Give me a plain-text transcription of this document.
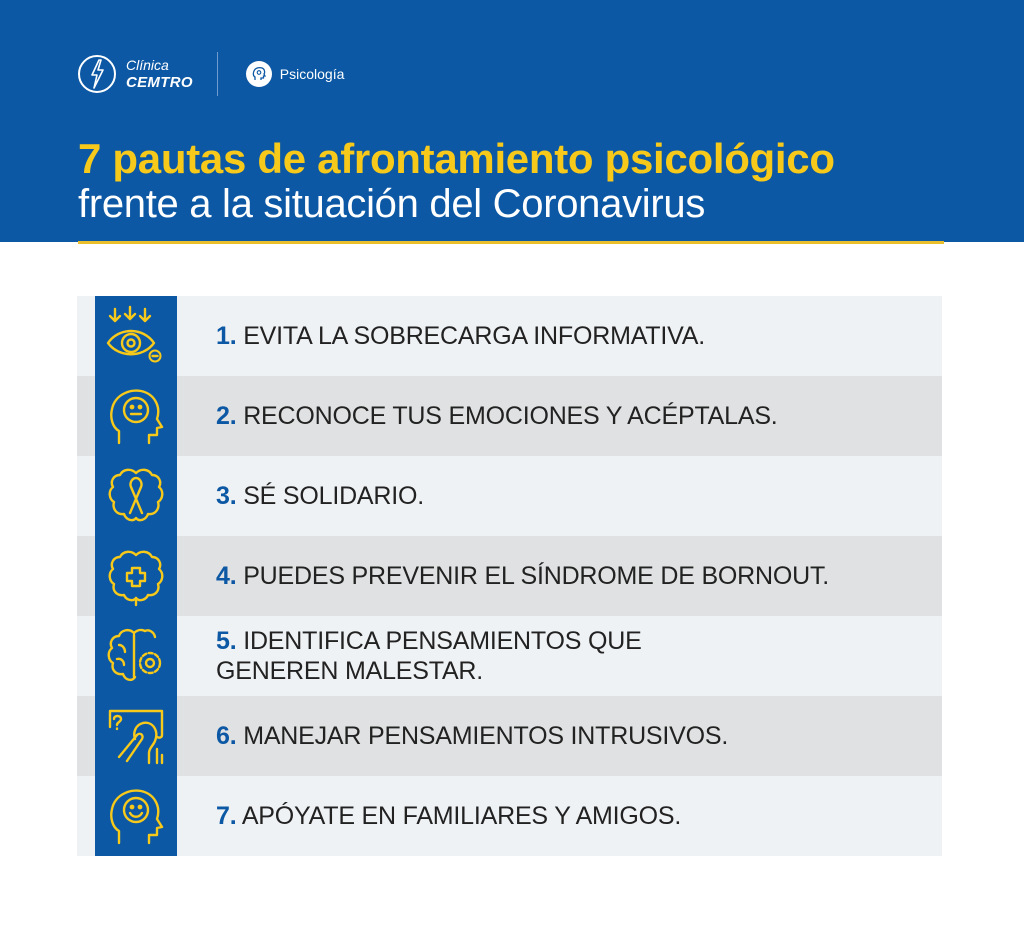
Clínica
CEMTRO	Psicología
7 pautas de afrontamiento psicológico
frente a la situación del Coronavirus
1. EVITA LA SOBRECARGA INFORMATIVA.
2. RECONOCE TUS EMOCIONES Y ACÉPTALAS.
3. SÉ SOLIDARIO.
4. PUEDES PREVENIR EL SÍNDROME DE BORNOUT.
5. IDENTIFICA PENSAMIENTOS QUE
GENEREN MALESTAR.
6. MANEJAR PENSAMIENTOS INTRUSIVOS.
7. APÓYATE EN FAMILIARES Y AMIGOS.
